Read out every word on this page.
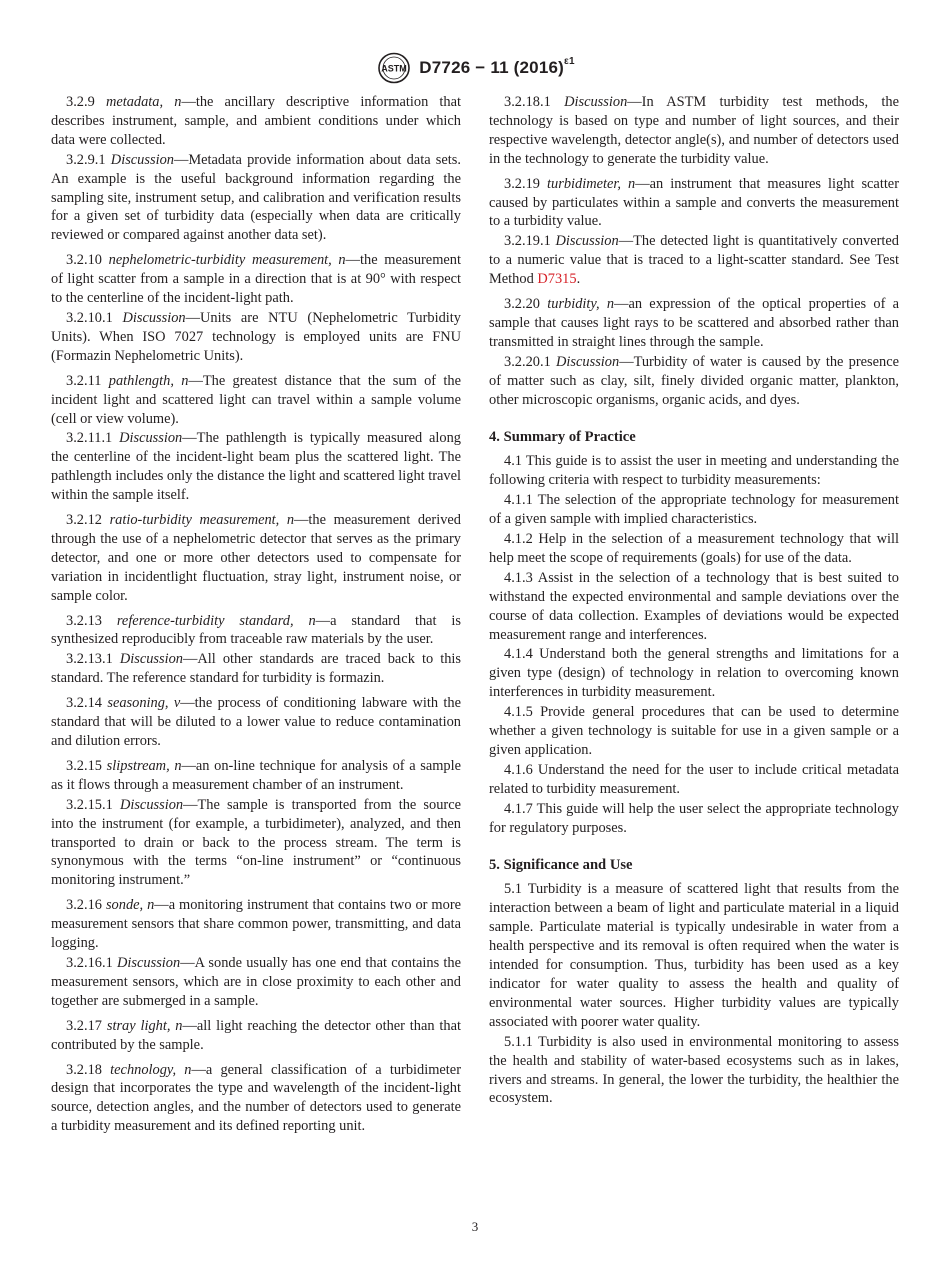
ASTM D7726 − 11 $(2016)^{\varepsilon 1}$

3.2.9 metadata, n—the ancillary descriptive information that describes instrument, sample, and ambient conditions under which data were collected.

3.2.9.1 Discussion—Metadata provide information about data sets. An example is the useful background information regarding the sampling site, instrument setup, and calibration and verification results for a given set of turbidity data (especially when data are critically reviewed or compared against another data set).

3.2.10 nephelometric-turbidity measurement, n—the measurement of light scatter from a sample in a direction that is at 90° with respect to the centerline of the incident-light path.

3.2.10.1 Discussion—Units are NTU (Nephelometric Turbidity Units). When ISO 7027 technology is employed units are FNU (Formazin Nephelometric Units).

3.2.11 pathlength, n—The greatest distance that the sum of the incident light and scattered light can travel within a sample volume (cell or view volume).

3.2.11.1 Discussion—The pathlength is typically measured along the centerline of the incident-light beam plus the scattered light. The pathlength includes only the distance the light and scattered light travel within the sample itself.

3.2.12 ratio-turbidity measurement, n—the measurement derived through the use of a nephelometric detector that serves as the primary detector, and one or more other detectors used to compensate for variation in incidentlight fluctuation, stray light, instrument noise, or sample color.

3.2.13 reference-turbidity standard, n—a standard that is synthesized reproducibly from traceable raw materials by the user.

3.2.13.1 Discussion—All other standards are traced back to this standard. The reference standard for turbidity is formazin.

3.2.14 seasoning, v—the process of conditioning labware with the standard that will be diluted to a lower value to reduce contamination and dilution errors.

3.2.15 slipstream, n—an on-line technique for analysis of a sample as it flows through a measurement chamber of an instrument.

3.2.15.1 Discussion—The sample is transported from the source into the instrument (for example, a turbidimeter), analyzed, and then transported to drain or back to the process stream. The term is synonymous with the terms “on-line instrument” or “continuous monitoring instrument.”

3.2.16 sonde, n—a monitoring instrument that contains two or more measurement sensors that share common power, transmitting, and data logging.

3.2.16.1 Discussion—A sonde usually has one end that contains the measurement sensors, which are in close proximity to each other and together are submerged in a sample.

3.2.17 stray light, n—all light reaching the detector other than that contributed by the sample.

3.2.18 technology, n—a general classification of a turbidimeter design that incorporates the type and wavelength of the incident-light source, detection angles, and the number of detectors used to generate a turbidity measurement and its defined reporting unit.

3.2.18.1 Discussion—In ASTM turbidity test methods, the technology is based on type and number of light sources, and their respective wavelength, detector angle(s), and number of detectors used in the technology to generate the turbidity value.

3.2.19 turbidimeter, n—an instrument that measures light scatter caused by particulates within a sample and converts the measurement to a turbidity value.

3.2.19.1 Discussion—The detected light is quantitatively converted to a numeric value that is traced to a light-scatter standard. See Test Method D7315.

3.2.20 turbidity, n—an expression of the optical properties of a sample that causes light rays to be scattered and absorbed rather than transmitted in straight lines through the sample.

3.2.20.1 Discussion—Turbidity of water is caused by the presence of matter such as clay, silt, finely divided organic matter, plankton, other microscopic organisms, organic acids, and dyes.

4. Summary of Practice

4.1 This guide is to assist the user in meeting and understanding the following criteria with respect to turbidity measurements:

4.1.1 The selection of the appropriate technology for measurement of a given sample with implied characteristics.

4.1.2 Help in the selection of a measurement technology that will help meet the scope of requirements (goals) for use of the data.

4.1.3 Assist in the selection of a technology that is best suited to withstand the expected environmental and sample deviations over the course of data collection. Examples of deviations would be expected measurement range and interferences.

4.1.4 Understand both the general strengths and limitations for a given type (design) of technology in relation to overcoming known interferences in turbidity measurement.

4.1.5 Provide general procedures that can be used to determine whether a given technology is suitable for use in a given sample or a given application.

4.1.6 Understand the need for the user to include critical metadata related to turbidity measurement.

4.1.7 This guide will help the user select the appropriate technology for regulatory purposes.

5. Significance and Use

5.1 Turbidity is a measure of scattered light that results from the interaction between a beam of light and particulate material in a liquid sample. Particulate material is typically undesirable in water from a health perspective and its removal is often required when the water is intended for consumption. Thus, turbidity has been used as a key indicator for water quality to assess the health and quality of environmental water sources. Higher turbidity values are typically associated with poorer water quality.

5.1.1 Turbidity is also used in environmental monitoring to assess the health and stability of water-based ecosystems such as in lakes, rivers and streams. In general, the lower the turbidity, the healthier the ecosystem.

3
